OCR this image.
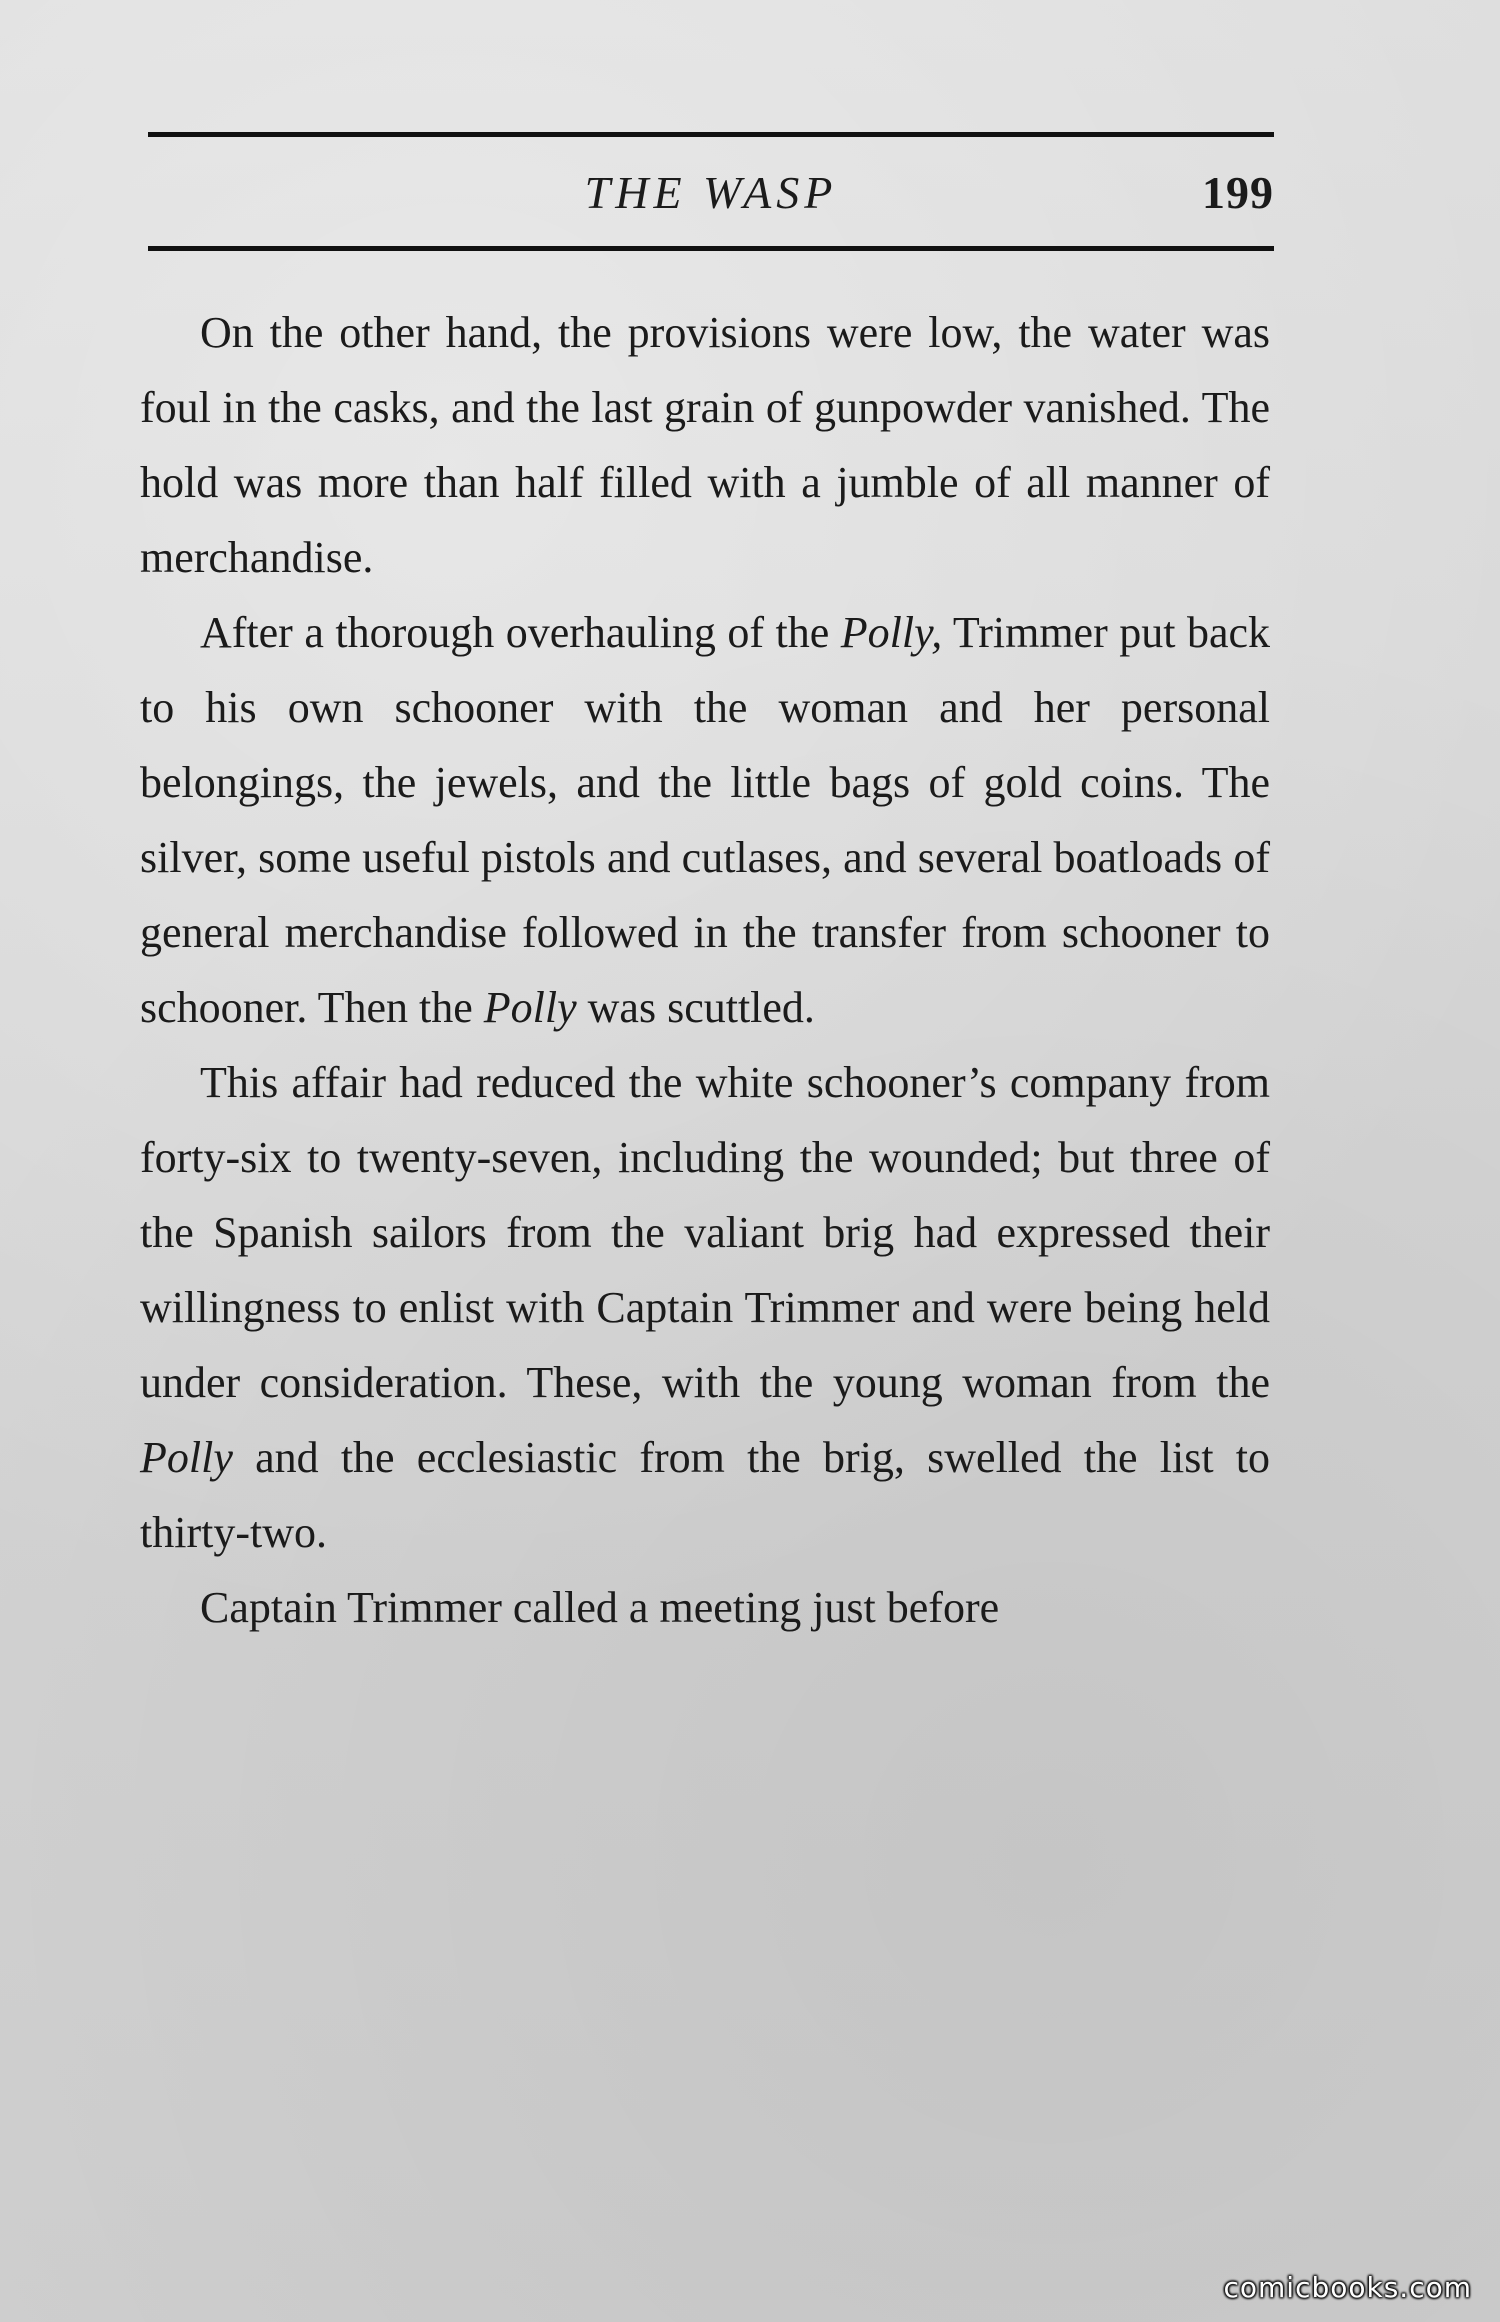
THE WASP	199

On the other hand, the provisions were low, the water was foul in the casks, and the last grain of gunpowder vanished. The hold was more than half filled with a jumble of all manner of merchandise.

After a thorough overhauling of the Polly, Trimmer put back to his own schooner with the woman and her personal belongings, the jewels, and the little bags of gold coins. The silver, some useful pistols and cutlases, and several boatloads of general merchandise followed in the transfer from schooner to schooner. Then the Polly was scuttled.

This affair had reduced the white schooner’s company from forty-six to twenty-seven, including the wounded; but three of the Spanish sailors from the valiant brig had expressed their willingness to enlist with Captain Trimmer and were being held under consideration. These, with the young woman from the Polly and the ecclesiastic from the brig, swelled the list to thirty-two.

Captain Trimmer called a meeting just before

comicbooks.com
